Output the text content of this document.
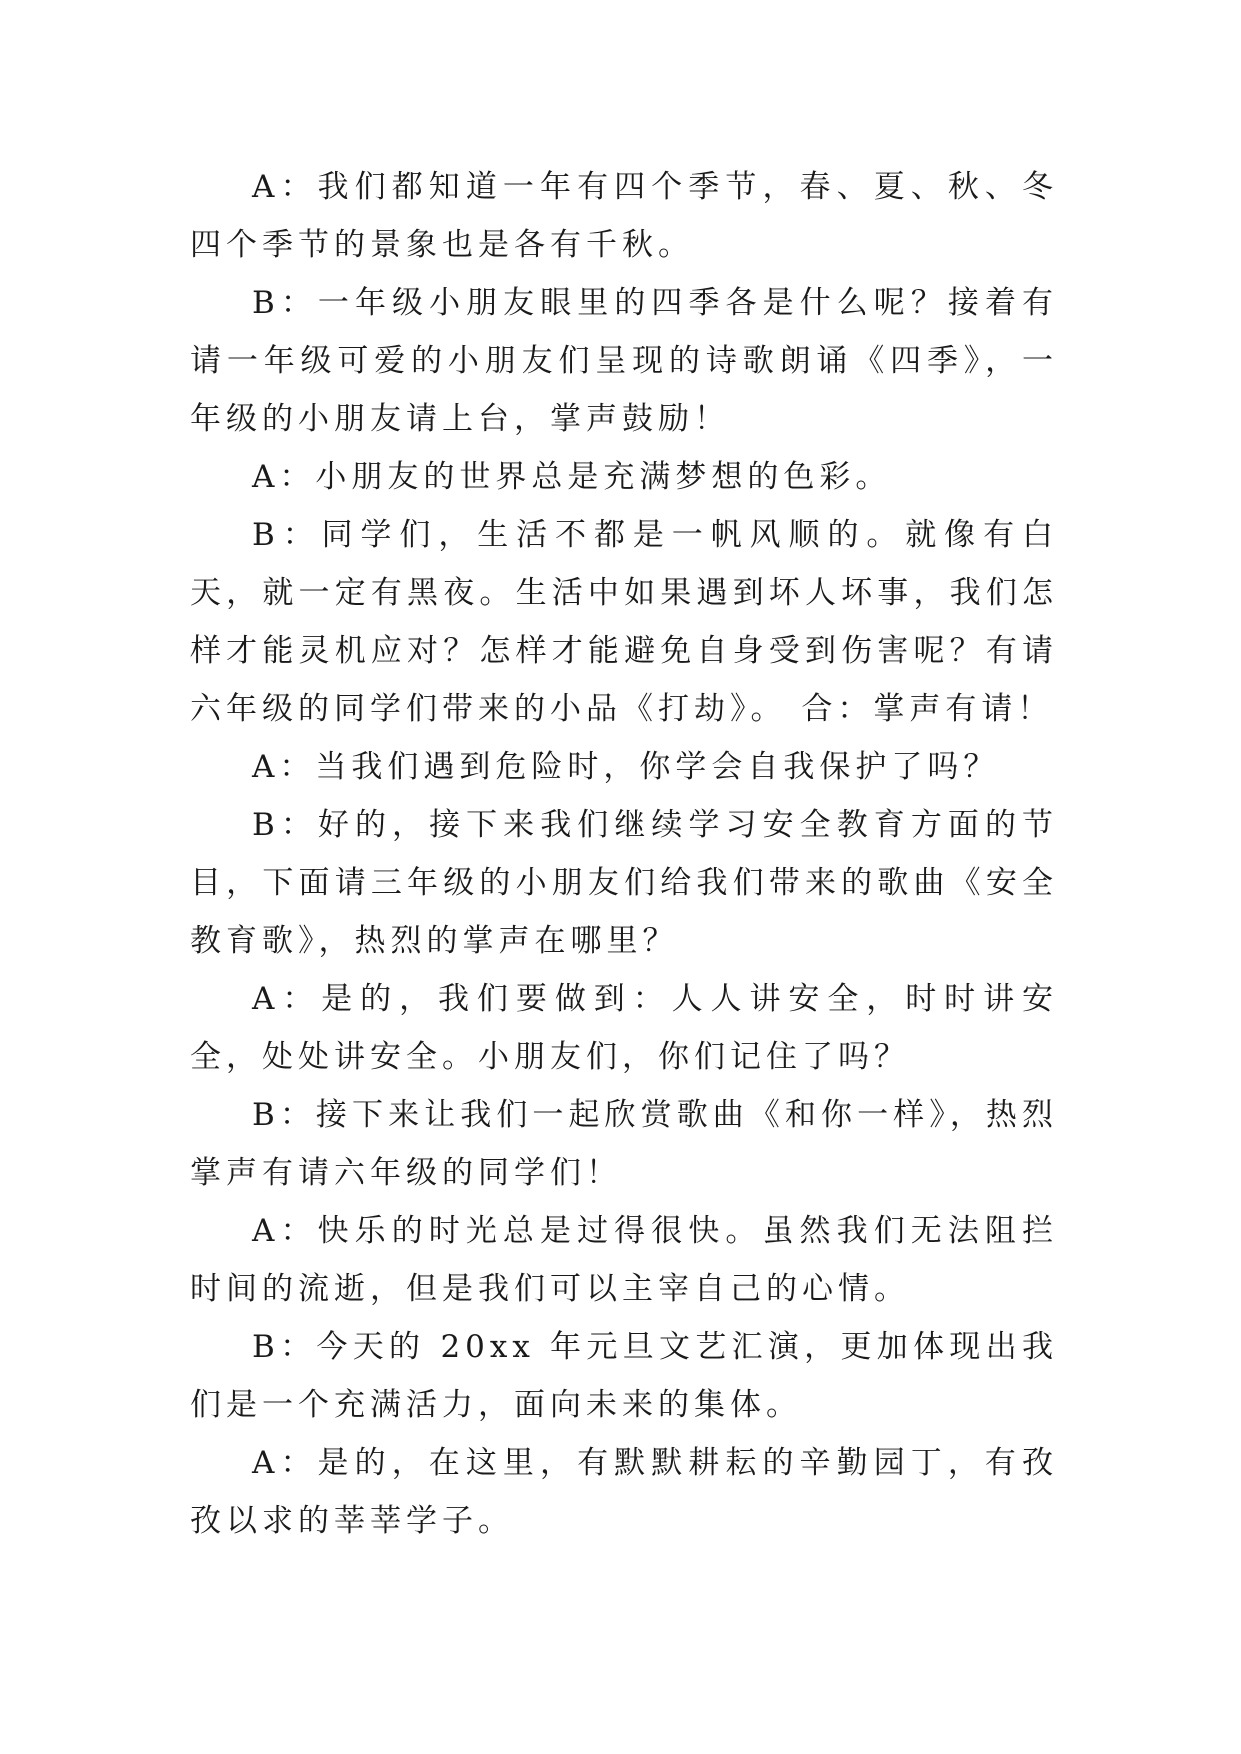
A：我们都知道一年有四个季节，春、夏、秋、冬四个季节的景象也是各有千秋。

B：一年级小朋友眼里的四季各是什么呢？接着有请一年级可爱的小朋友们呈现的诗歌朗诵《四季》，一年级的小朋友请上台，掌声鼓励！

A：小朋友的世界总是充满梦想的色彩。

B：同学们，生活不都是一帆风顺的。就像有白天，就一定有黑夜。生活中如果遇到坏人坏事，我们怎样才能灵机应对？怎样才能避免自身受到伤害呢？有请六年级的同学们带来的小品《打劫》。 合：掌声有请！

A：当我们遇到危险时，你学会自我保护了吗？

B：好的，接下来我们继续学习安全教育方面的节目，下面请三年级的小朋友们给我们带来的歌曲《安全教育歌》，热烈的掌声在哪里？

A：是的，我们要做到：人人讲安全，时时讲安全，处处讲安全。小朋友们，你们记住了吗？

B：接下来让我们一起欣赏歌曲《和你一样》，热烈掌声有请六年级的同学们！

A：快乐的时光总是过得很快。虽然我们无法阻拦时间的流逝，但是我们可以主宰自己的心情。

B：今天的 20xx 年元旦文艺汇演，更加体现出我们是一个充满活力，面向未来的集体。

A：是的，在这里，有默默耕耘的辛勤园丁，有孜孜以求的莘莘学子。
